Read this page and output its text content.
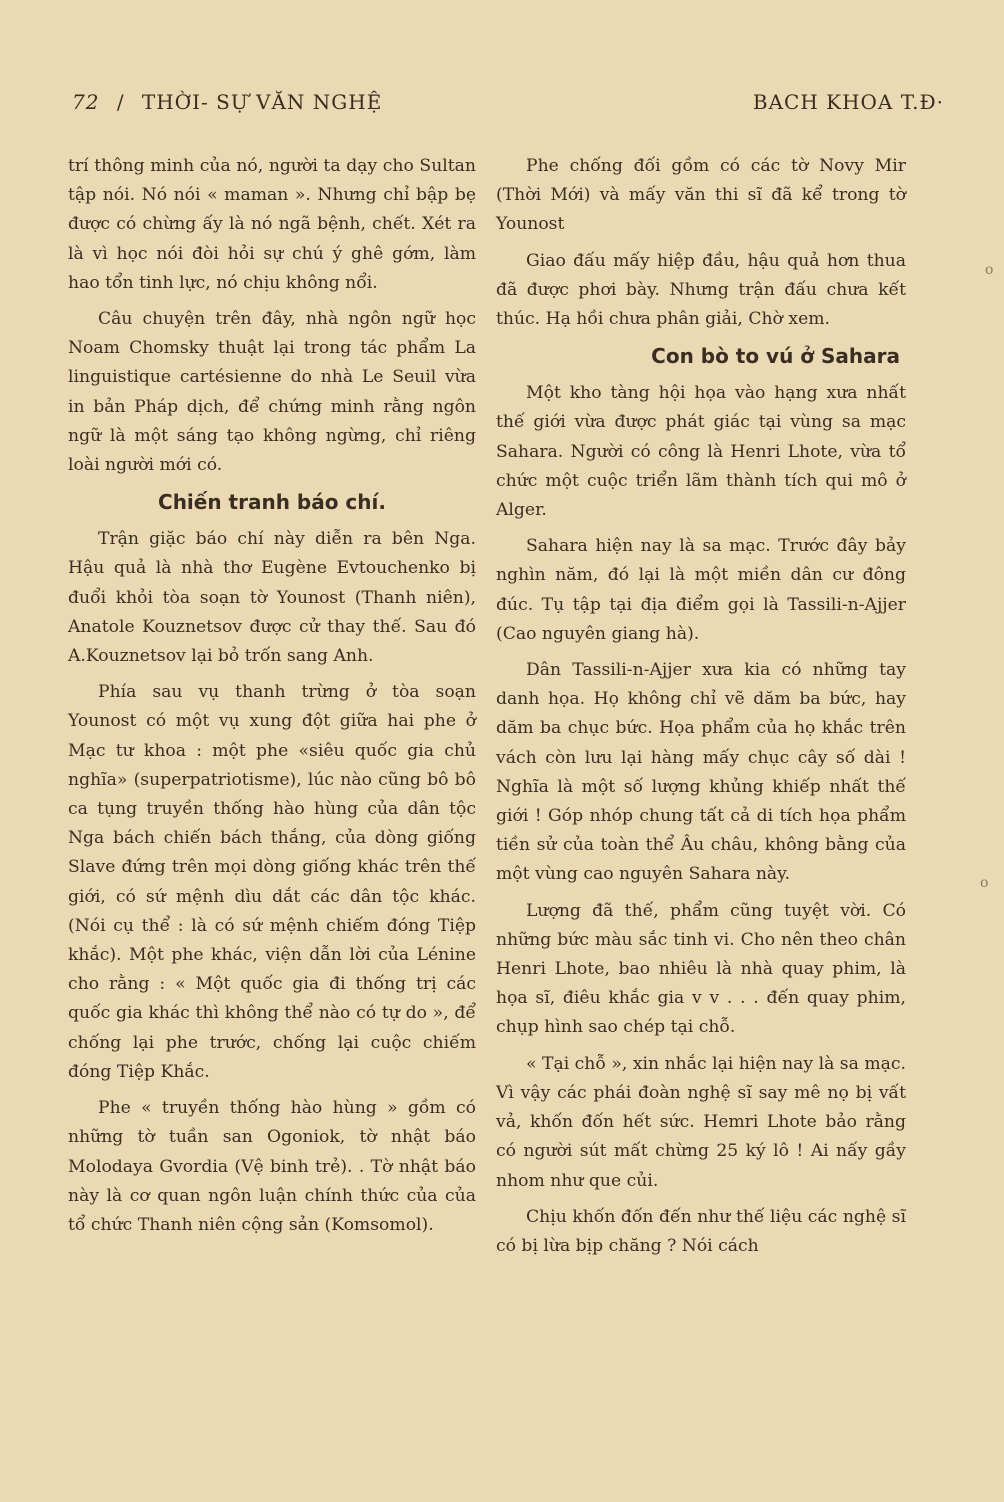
72 / THỜI- SỰ VĂN NGHỆ	BACH KHOA T.Đ·

trí thông minh của nó, người ta dạy cho Sultan tập nói. Nó nói « maman ». Nhưng chỉ bập bẹ được có chừng ấy là nó ngã bệnh, chết. Xét ra là vì học nói đòi hỏi sự chú ý ghê gớm, làm hao tổn tinh lực, nó chịu không nổi.

Câu chuyện trên đây, nhà ngôn ngữ học Noam Chomsky thuật lại trong tác phẩm La linguistique cartésienne do nhà Le Seuil vừa in bản Pháp dịch, để chứng minh rằng ngôn ngữ là một sáng tạo không ngừng, chỉ riêng loài người mới có.

Chiến tranh báo chí.

Trận giặc báo chí này diễn ra bên Nga. Hậu quả là nhà thơ Eugène Evtouchenko bị đuổi khỏi tòa soạn tờ Younost (Thanh niên), Anatole Kouznetsov được cử thay thế. Sau đó A.Kouznetsov lại bỏ trốn sang Anh.

Phía sau vụ thanh trừng ở tòa soạn Younost có một vụ xung đột giữa hai phe ở Mạc tư khoa : một phe «siêu quốc gia chủ nghĩa» (superpatriotisme), lúc nào cũng bô bô ca tụng truyền thống hào hùng của dân tộc Nga bách chiến bách thắng, của dòng giống Slave đứng trên mọi dòng giống khác trên thế giới, có sứ mệnh dìu dắt các dân tộc khác. (Nói cụ thể : là có sứ mệnh chiếm đóng Tiệp khắc). Một phe khác, viện dẫn lời của Lénine cho rằng : « Một quốc gia đi thống trị các quốc gia khác thì không thể nào có tự do », để chống lại phe trước, chống lại cuộc chiếm đóng Tiệp Khắc.

Phe « truyền thống hào hùng » gồm có những tờ tuần san Ogoniok, tờ nhật báo Molodaya Gvordia (Vệ binh trẻ). . Tờ nhật báo này là cơ quan ngôn luận chính thức của của tổ chức Thanh niên cộng sản (Komsomol).

Phe chống đối gồm có các tờ Novy Mir (Thời Mới) và mấy văn thi sĩ đã kể trong tờ Younost

Giao đấu mấy hiệp đầu, hậu quả hơn thua đã được phơi bày. Nhưng trận đấu chưa kết thúc. Hạ hồi chưa phân giải, Chờ xem.

Con bò to vú ở Sahara

Một kho tàng hội họa vào hạng xưa nhất thế giới vừa được phát giác tại vùng sa mạc Sahara. Người có công là Henri Lhote, vừa tổ chức một cuộc triển lãm thành tích qui mô ở Alger.

Sahara hiện nay là sa mạc. Trước đây bảy nghìn năm, đó lại là một miền dân cư đông đúc. Tụ tập tại địa điểm gọi là Tassili-n-Ajjer (Cao nguyên giang hà).

Dân Tassili-n-Ajjer xưa kia có những tay danh họa. Họ không chỉ vẽ dăm ba bức, hay dăm ba chục bức. Họa phẩm của họ khắc trên vách còn lưu lại hàng mấy chục cây số dài ! Nghĩa là một số lượng khủng khiếp nhất thế giới ! Góp nhóp chung tất cả di tích họa phẩm tiền sử của toàn thể Âu châu, không bằng của một vùng cao nguyên Sahara này.

Lượng đã thế, phẩm cũng tuyệt vời. Có những bức màu sắc tinh vi. Cho nên theo chân Henri Lhote, bao nhiêu là nhà quay phim, là họa sĩ, điêu khắc gia v v . . . đến quay phim, chụp hình sao chép tại chỗ.

« Tại chỗ », xin nhắc lại hiện nay là sa mạc. Vì vậy các phái đoàn nghệ sĩ say mê nọ bị vất vả, khốn đốn hết sức. Hemri Lhote bảo rằng có người sút mất chừng 25 ký lô ! Ai nấy gầy nhom như que củi.

Chịu khốn đốn đến như thế liệu các nghệ sĩ có bị lừa bịp chăng ? Nói cách

o
o
